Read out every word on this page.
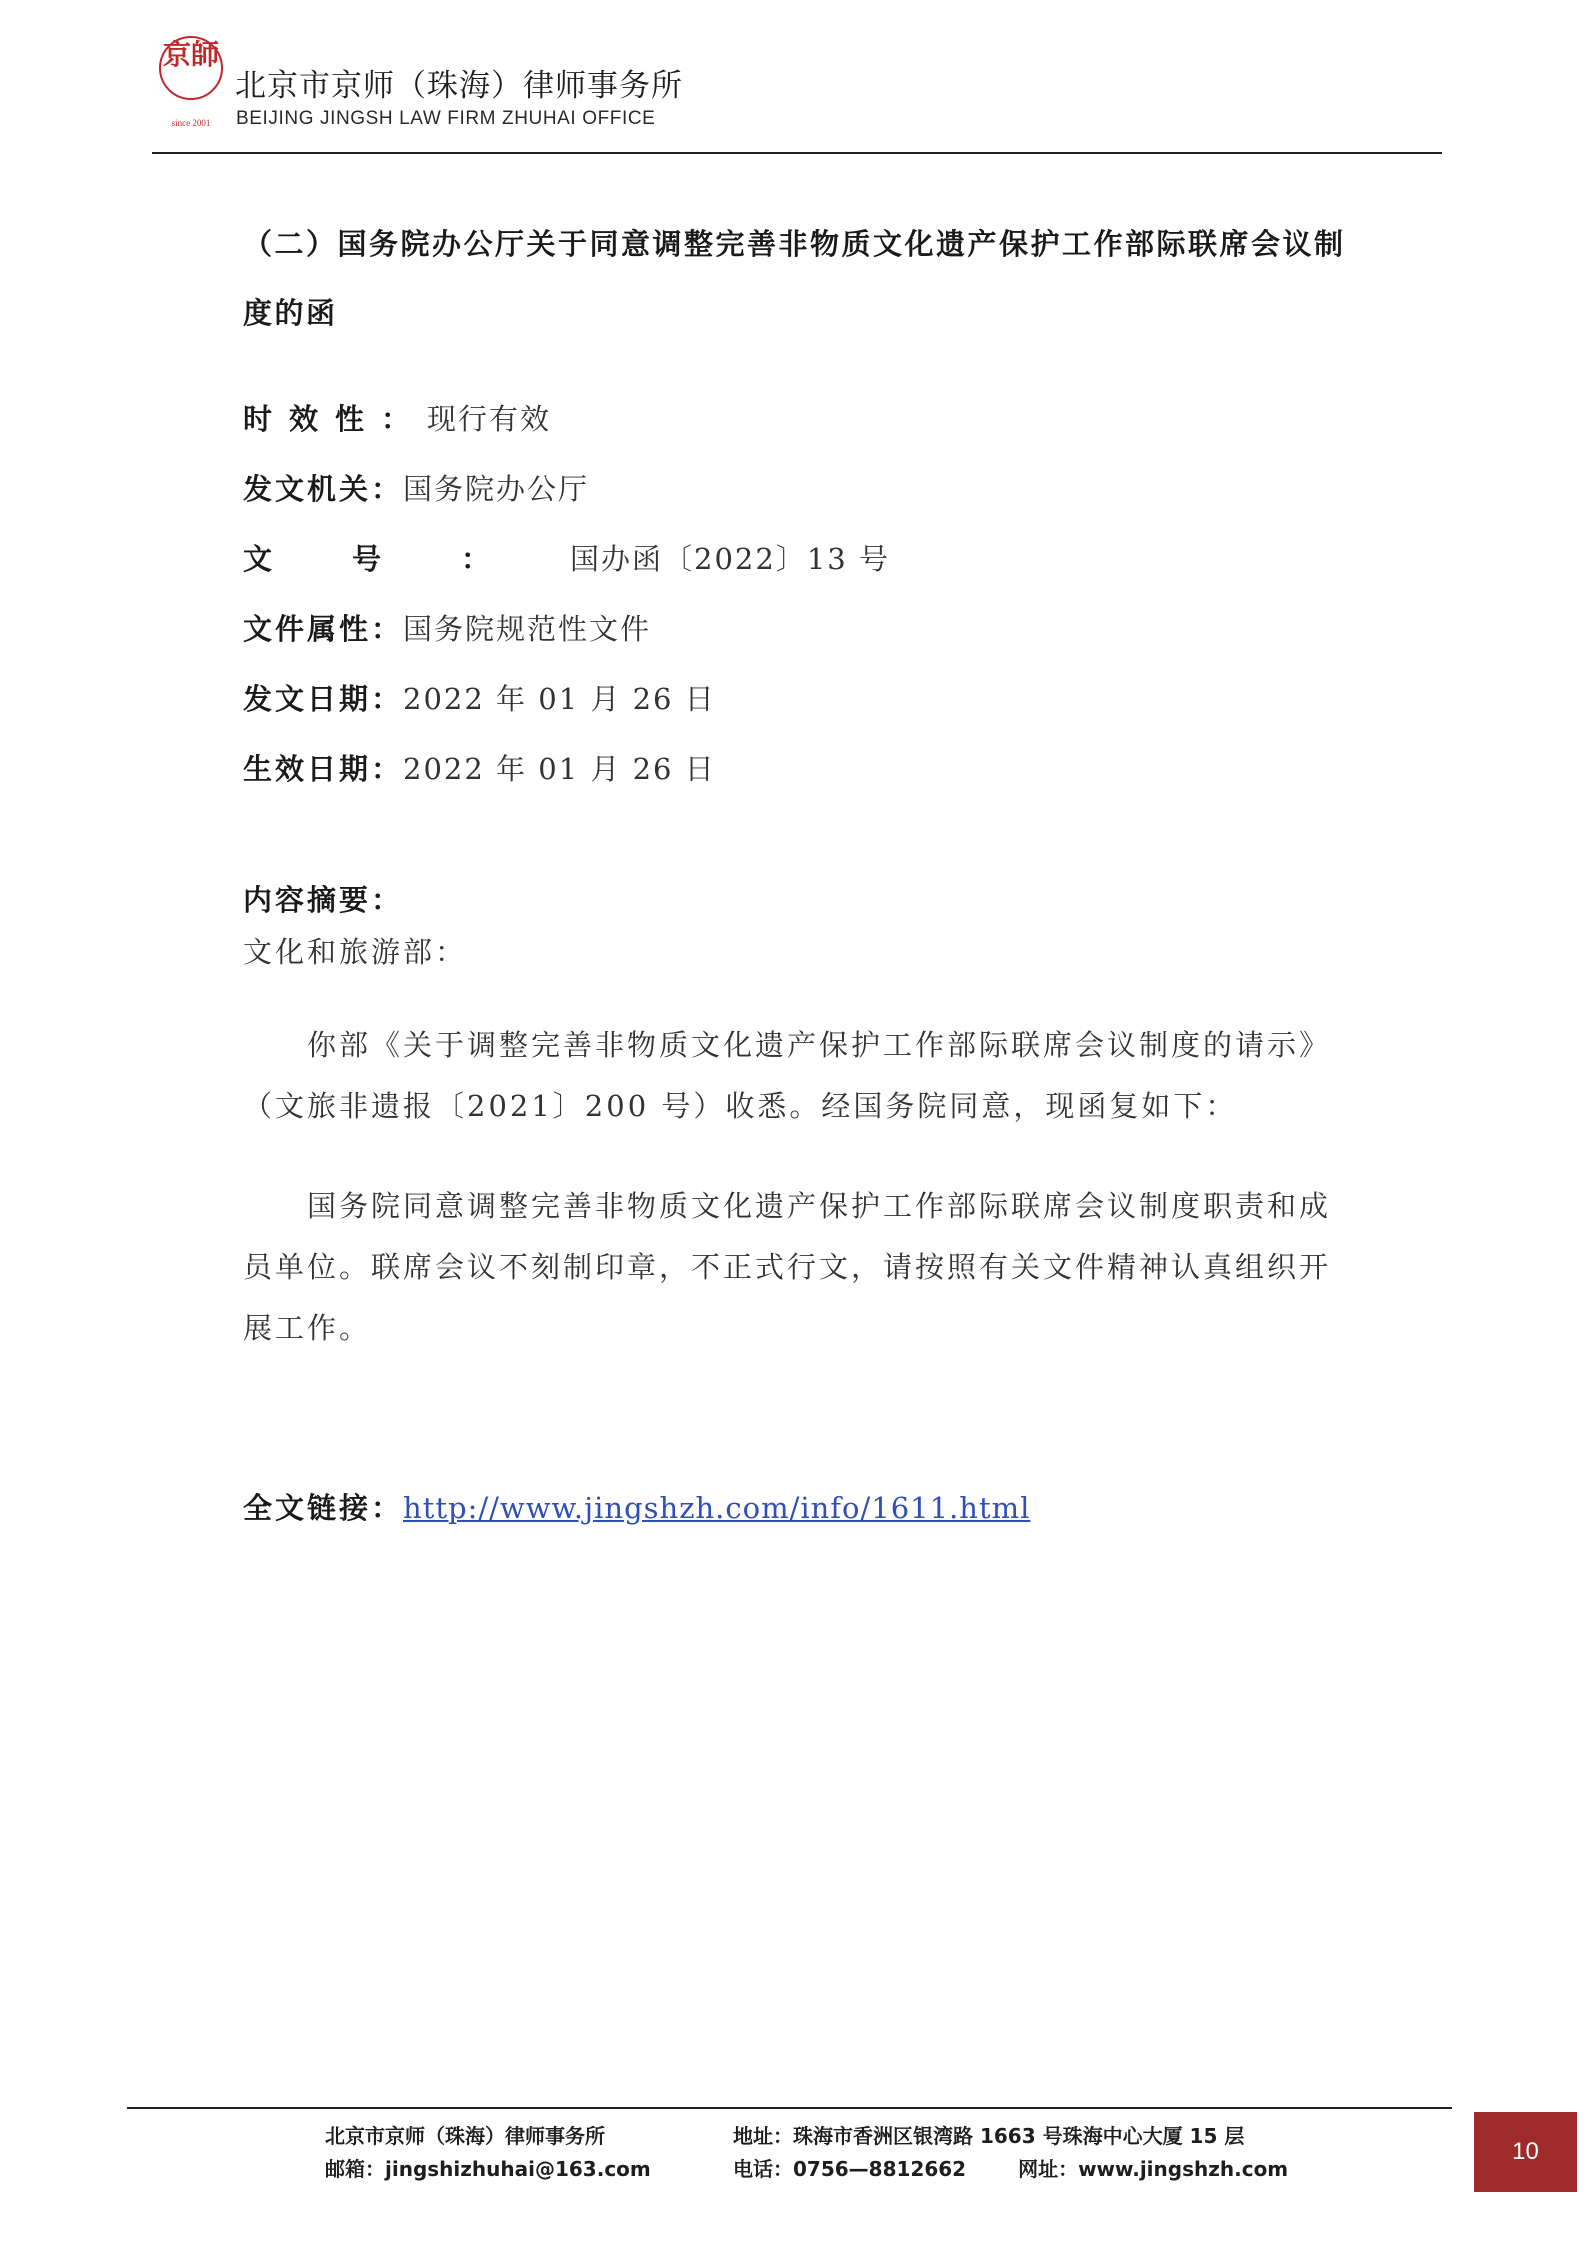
京師
since 2001
北京市京师（珠海）律师事务所
BEIJING JINGSH LAW FIRM ZHUHAI OFFICE
（二）国务院办公厅关于同意调整完善非物质文化遗产保护工作部际联席会议制度的函
时效性：现行有效
发文机关：国务院办公厅
文号：国办函〔2022〕13 号
文件属性：国务院规范性文件
发文日期：2022 年 01 月 26 日
生效日期：2022 年 01 月 26 日
内容摘要：
文化和旅游部：

你部《关于调整完善非物质文化遗产保护工作部际联席会议制度的请示》（文旅非遗报〔2021〕200 号）收悉。经国务院同意，现函复如下：

国务院同意调整完善非物质文化遗产保护工作部际联席会议制度职责和成员单位。联席会议不刻制印章，不正式行文，请按照有关文件精神认真组织开展工作。

全文链接：http://www.jingshzh.com/info/1611.html
北京市京师（珠海）律师事务所
邮箱：jingshizhuhai@163.com
地址：珠海市香洲区银湾路 1663 号珠海中心大厦 15 层
电话：0756—8812662	网址：www.jingshzh.com
10
